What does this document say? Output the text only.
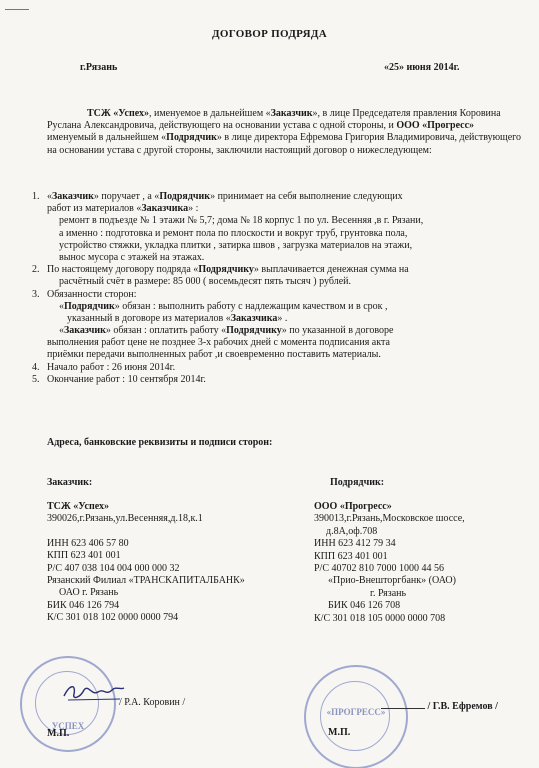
ДОГОВОР ПОДРЯДА
г.Рязань	«25» июня 2014г.
ТСЖ «Успех», именуемое в дальнейшем «Заказчик», в лице Председателя правления Коровина Руслана Александровича, действующего на основании устава с одной стороны, и ООО «Прогресс» именуемый в дальнейшем «Подрядчик» в лице директора Ефремова Григория Владимировича, действующего на основании устава с другой стороны, заключили настоящий договор о нижеследующем:
1. «Заказчик» поручает , а «Подрядчик» принимает на себя выполнение следующих
работ из материалов «Заказчика» :
ремонт в подъезде № 1 этажи № 5,7; дома № 18 корпус 1 по ул. Весенняя ,в г. Рязани,
а именно : подготовка и ремонт пола по плоскости и вокруг труб, грунтовка пола,
устройство стяжки, укладка плитки , затирка швов , загрузка материалов на этажи,
вынос мусора с этажей на этажах.
2. По настоящему договору подряда «Подрядчику» выплачивается денежная сумма на
расчётный счёт в размере: 85 000 ( восемьдесят пять тысяч ) рублей.
3. Обязанности сторон:
«Подрядчик» обязан : выполнить работу с надлежащим качеством и в срок ,
указанный в договоре из материалов «Заказчика» .
«Заказчик» обязан : оплатить работу «Подрядчику» по указанной в договоре
выполнения работ цене не позднее 3-х рабочих дней с момента подписания акта
приёмки передачи выполненных работ ,и своевременно поставить материалы.
4. Начало работ : 26 июня 2014г.
5. Окончание работ : 10 сентября 2014г.
Адреса, банковские реквизиты и подписи сторон:
Заказчик:
ТСЖ «Успех»
390026,г.Рязань,ул.Весенняя,д.18,к.1
ИНН 623 406 57 80
КПП 623 401 001
Р/С 407 038 104 004 000 000 32
Рязанский Филиал «ТРАНСКАПИТАЛБАНК»
ОАО г. Рязань
БИК 046 126 794
К/С 301 018 102 0000 0000 794
Подрядчик:
ООО «Прогресс»
390013,г.Рязань,Московское шоссе,
д.8А,оф.708
ИНН 623 412 79 34
КПП 623 401 001
Р/С 40702 810 7000 1000 44 56
«Прио-Внешторгбанк» (ОАО)
г. Рязань
БИК 046 126 708
К/С 301 018 105 0000 0000 708
УСПЕХ
/ Р.А. Коровин /
М.П.
«ПРОГРЕСС»	/ Г.В. Ефремов /
М.П.
